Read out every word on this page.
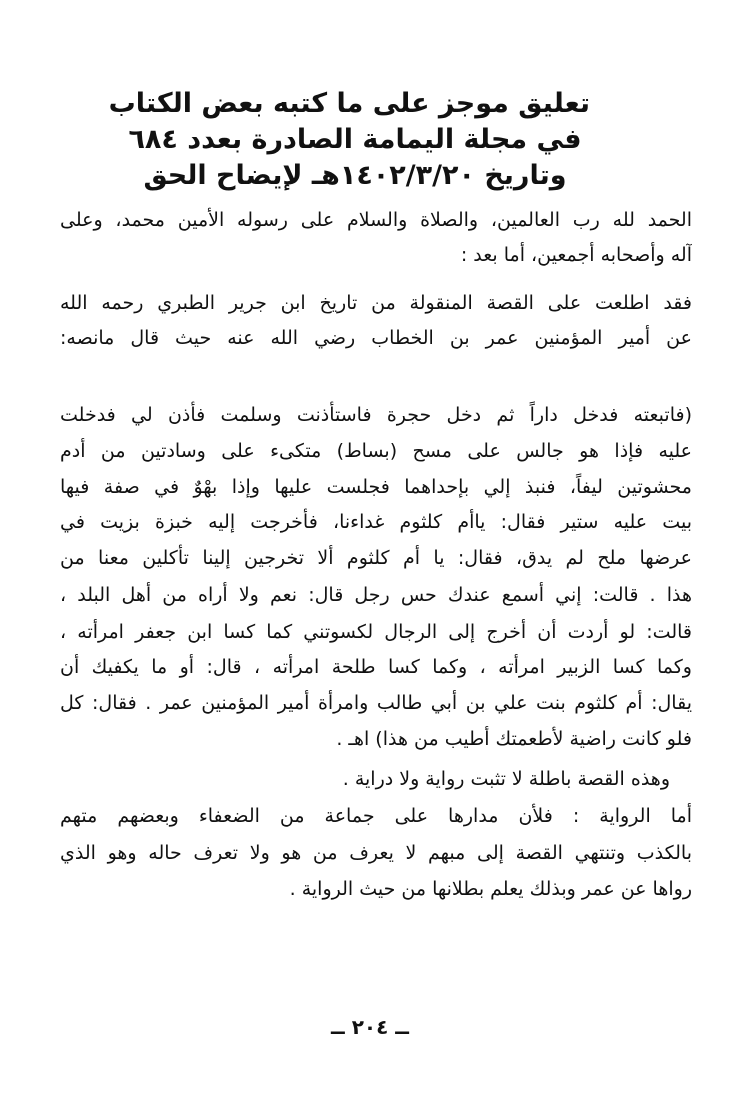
تعليق موجز على ما كتبه بعض الكتاب
في مجلة اليمامة الصادرة بعدد ٦٨٤
وتاريخ ١٤٠٢/٣/٢٠هـ لإيضاح الحق
الحمد لله رب العالمين، والصلاة والسلام على رسوله الأمين محمد، وعلى
آله وأصحابه أجمعين، أما بعد :
فقد اطلعت على القصة المنقولة من تاريخ ابن جرير الطبري رحمه الله
عن أمير المؤمنين عمر بن الخطاب رضي الله عنه حيث قال مانصه:
(فاتبعته فدخل داراً ثم دخل حجرة فاستأذنت وسلمت فأذن لي فدخلت
عليه فإذا هو جالس على مسح (بساط) متكىء على وسادتين من أدم
محشوتين ليفاً، فنبذ إلي بإحداهما فجلست عليها وإذا بهْوٌ في صفة فيها
بيت عليه ستير فقال: ياأم كلثوم غداءنا، فأخرجت إليه خبزة بزيت في
عرضها ملح لم يدق، فقال: يا أم كلثوم ألا تخرجين إلينا تأكلين معنا من
هذا . قالت: إني أسمع عندك حس رجل قال: نعم ولا أراه من أهل البلد ،
قالت: لو أردت أن أخرج إلى الرجال لكسوتني كما كسا ابن جعفر امرأته ،
وكما كسا الزبير امرأته ، وكما كسا طلحة امرأته ، قال: أو ما يكفيك أن
يقال: أم كلثوم بنت علي بن أبي طالب وامرأة أمير المؤمنين عمر . فقال: كل
فلو كانت راضية لأطعمتك أطيب من هذا) اهـ .
وهذه القصة باطلة لا تثبت رواية ولا دراية .
أما الرواية : فلأن مدارها على جماعة من الضعفاء وبعضهم متهم
بالكذب وتنتهي القصة إلى مبهم لا يعرف من هو ولا تعرف حاله وهو الذي
رواها عن عمر وبذلك يعلم بطلانها من حيث الرواية .
ــ ٢٠٤ ــ
